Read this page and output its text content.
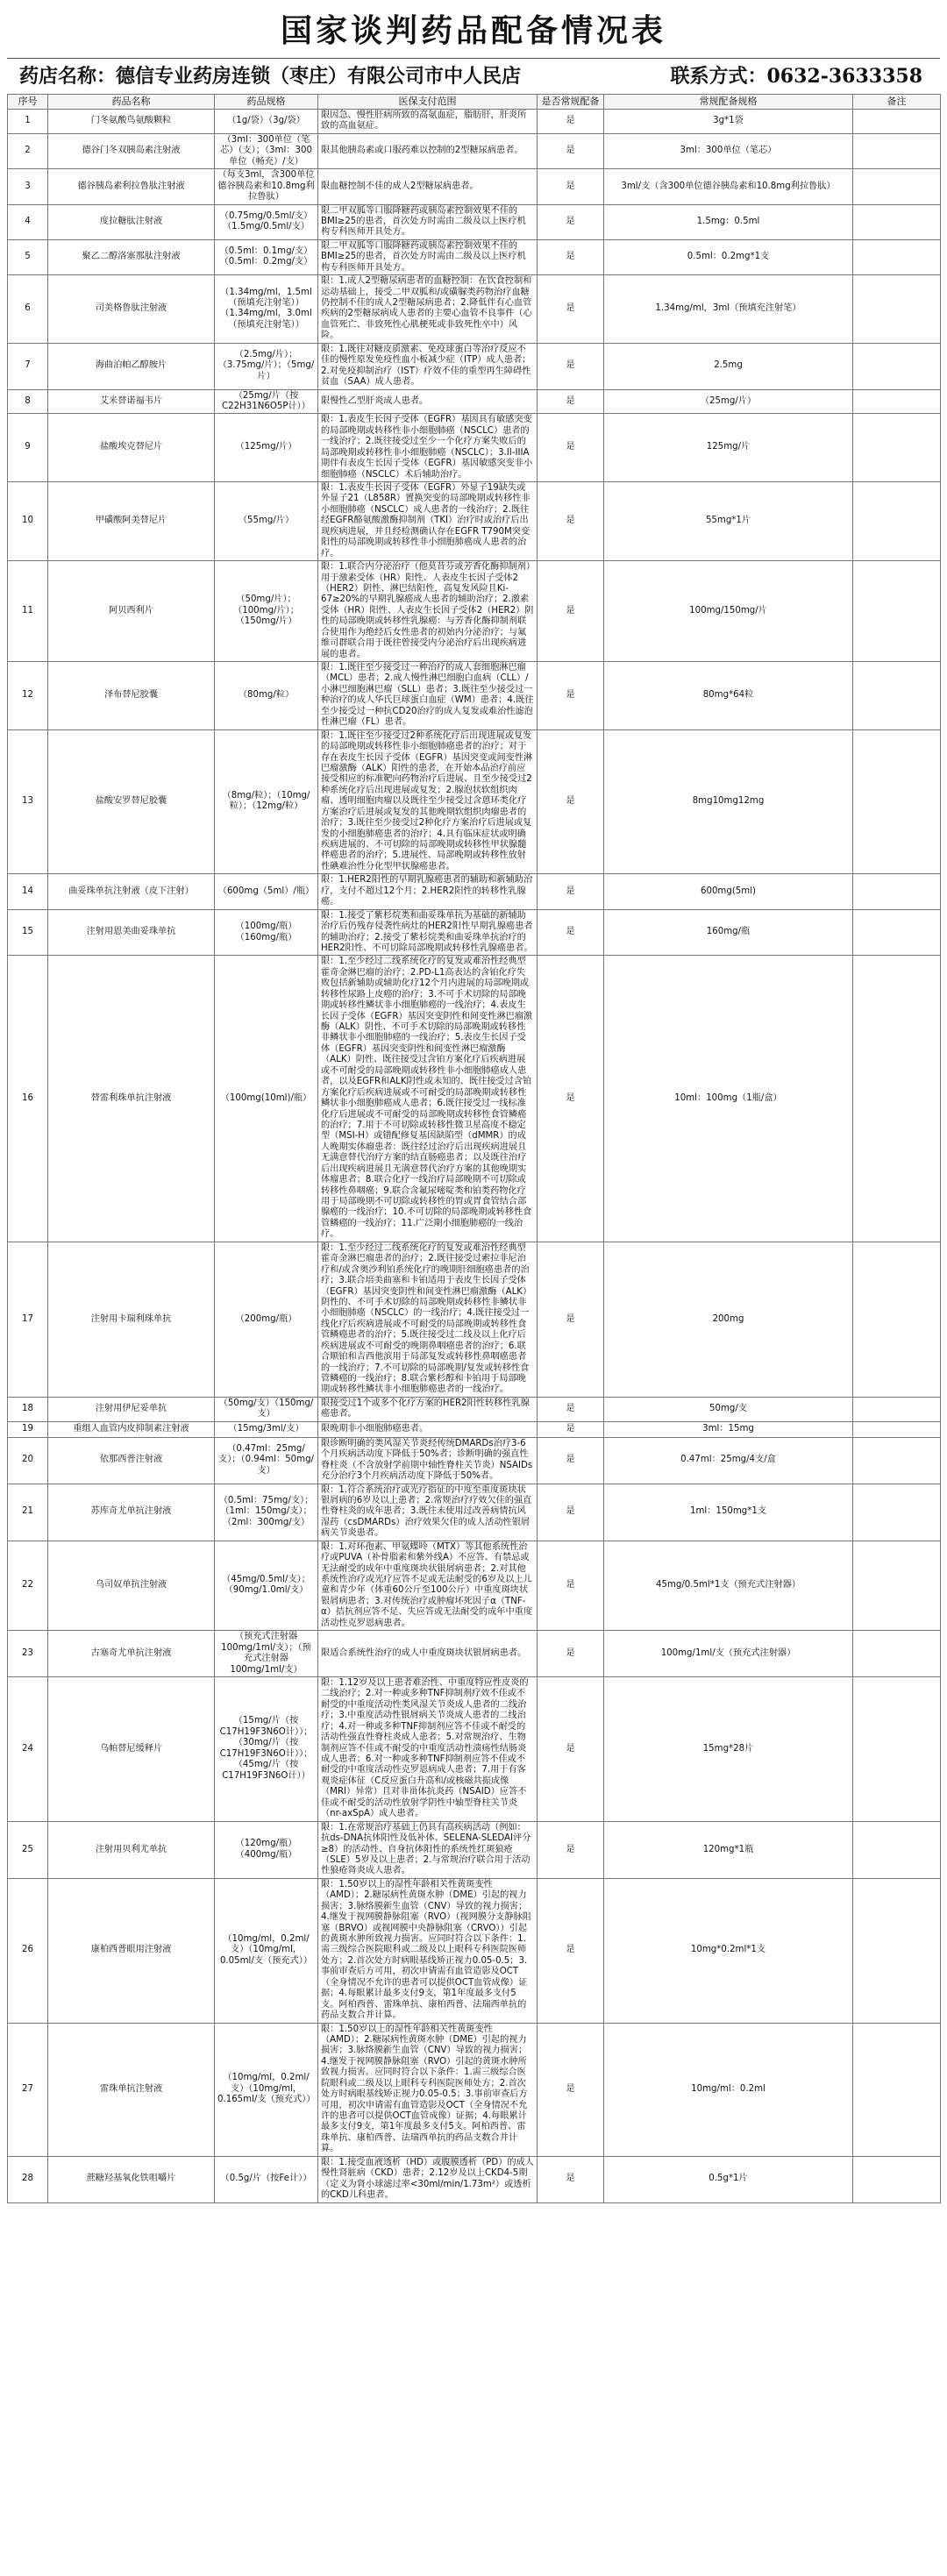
国家谈判药品配备情况表
药店名称：德信专业药房连锁（枣庄）有限公司市中人民店	联系方式：0632-3633358
序号	药品名称	药品规格	医保支付范围	是否常规配备	常规配备规格	备注
1	门冬氨酸鸟氨酸颗粒	（1g/袋）（3g/袋）	限因急、慢性肝病所致的高氨血症，脂肪肝，肝炎所致的高血氨症。	是	3g*1袋	
2	德谷门冬双胰岛素注射液	（3ml：300单位（笔芯）（支）；（3ml：300单位（畅充）/支）	限其他胰岛素或口服药难以控制的2型糖尿病患者。	是	3ml：300单位（笔芯）	
3	德谷胰岛素利拉鲁肽注射液	（每支3ml，含300单位德谷胰岛素和10.8mg利拉鲁肽）	限血糖控制不佳的成人2型糖尿病患者。	是	3ml/支（含300单位德谷胰岛素和10.8mg利拉鲁肽）	
4	度拉糖肽注射液	（0.75mg/0.5ml/支）（1.5mg/0.5ml/支）	限二甲双胍等口服降糖药或胰岛素控制效果不佳的BMI≥25的患者，首次处方时需由二级及以上医疗机构专科医师开具处方。	是	1.5mg：0.5ml	
5	聚乙二醇洛塞那肽注射液	（0.5ml：0.1mg/支）（0.5ml：0.2mg/支）	限二甲双胍等口服降糖药或胰岛素控制效果不佳的BMI≥25的患者，首次处方时需由二级及以上医疗机构专科医师开具处方。	是	0.5ml：0.2mg*1支	
6	司美格鲁肽注射液	（1.34mg/ml，1.5ml（预填充注射笔））（1.34mg/ml，3.0ml（预填充注射笔））	限：1.成人2型糖尿病患者的血糖控制：在饮食控制和运动基础上，接受二甲双胍和/或磺脲类药物治疗血糖仍控制不佳的成人2型糖尿病患者；2.降低伴有心血管疾病的2型糖尿病成人患者的主要心血管不良事件（心血管死亡、非致死性心肌梗死或非致死性卒中）风险。	是	1.34mg/ml，3ml（预填充注射笔）	
7	海曲泊帕乙醇胺片	（2.5mg/片）；（3.75mg/片）；（5mg/片）	限：1.既往对糖皮质激素、免疫球蛋白等治疗反应不佳的慢性原发免疫性血小板减少症（ITP）成人患者；2.对免疫抑制治疗（IST）疗效不佳的重型再生障碍性贫血（SAA）成人患者。	是	2.5mg	
8	艾米替诺福韦片	（25mg/片（按C22H31N6O5P计））	限慢性乙型肝炎成人患者。	是	（25mg/片）	
9	盐酸埃克替尼片	（125mg/片）	限：1.表皮生长因子受体（EGFR）基因具有敏感突变的局部晚期或转移性非小细胞肺癌（NSCLC）患者的一线治疗；2.既往接受过至少一个化疗方案失败后的局部晚期或转移性非小细胞肺癌（NSCLC）；3.II-IIIA期伴有表皮生长因子受体（EGFR）基因敏感突变非小细胞肺癌（NSCLC）术后辅助治疗。	是	125mg/片	
10	甲磺酸阿美替尼片	（55mg/片）	限：1.表皮生长因子受体（EGFR）外显子19缺失或外显子21（L858R）置换突变的局部晚期或转移性非小细胞肺癌（NSCLC）成人患者的一线治疗；2.既往经EGFR酪氨酸激酶抑制剂（TKI）治疗时或治疗后出现疾病进展，并且经检测确认存在EGFR T790M突变阳性的局部晚期或转移性非小细胞肺癌成人患者的治疗。	是	55mg*1片	
11	阿贝西利片	（50mg/片）；（100mg/片）；（150mg/片）	限：1.联合内分泌治疗（他莫昔芬或芳香化酶抑制剂）用于激素受体（HR）阳性、人表皮生长因子受体2（HER2）阴性、淋巴结阳性，高复发风险且Ki-67≥20%的早期乳腺癌成人患者的辅助治疗；2.激素受体（HR）阳性、人表皮生长因子受体2（HER2）阴性的局部晚期或转移性乳腺癌：与芳香化酶抑制剂联合使用作为绝经后女性患者的初始内分泌治疗；与氟维司群联合用于既往曾接受内分泌治疗后出现疾病进展的患者。	是	100mg/150mg/片	
12	泽布替尼胶囊	（80mg/粒）	限：1.既往至少接受过一种治疗的成人套细胞淋巴瘤（MCL）患者；2.成人慢性淋巴细胞白血病（CLL）/小淋巴细胞淋巴瘤（SLL）患者；3.既往至少接受过一种治疗的成人华氏巨球蛋白血症（WM）患者；4.既往至少接受过一种抗CD20治疗的成人复发或难治性滤泡性淋巴瘤（FL）患者。	是	80mg*64粒	
13	盐酸安罗替尼胶囊	（8mg/粒）；（10mg/粒）；（12mg/粒）	限：1.既往至少接受过2种系统化疗后出现进展或复发的局部晚期或转移性非小细胞肺癌患者的治疗；对于存在表皮生长因子受体（EGFR）基因突变或间变性淋巴瘤激酶（ALK）阳性的患者，在开始本品治疗前应接受相应的标准靶向药物治疗后进展、且至少接受过2种系统化疗后出现进展或复发；2.腺泡状软组织肉瘤、透明细胞肉瘤以及既往至少接受过含蒽环类化疗方案治疗后进展或复发的其他晚期软组织肉瘤患者的治疗；3.既往至少接受过2种化疗方案治疗后进展或复发的小细胞肺癌患者的治疗；4.具有临床症状或明确疾病进展的、不可切除的局部晚期或转移性甲状腺髓样癌患者的治疗；5.进展性、局部晚期或转移性放射性碘难治性分化型甲状腺癌患者。	是	8mg10mg12mg	
14	曲妥珠单抗注射液（皮下注射）	（600mg（5ml）/瓶）	限：1.HER2阳性的早期乳腺癌患者的辅助和新辅助治疗，支付不超过12个月；2.HER2阳性的转移性乳腺癌。	是	600mg(5ml)	
15	注射用恩美曲妥珠单抗	（100mg/瓶）（160mg/瓶）	限：1.接受了紫杉烷类和曲妥珠单抗为基础的新辅助治疗后仍残存侵袭性病灶的HER2阳性早期乳腺癌患者的辅助治疗；2.接受了紫杉烷类和曲妥珠单抗治疗的HER2阳性、不可切除局部晚期或转移性乳腺癌患者。	是	160mg/瓶	
16	替雷利珠单抗注射液	（100mg(10ml)/瓶）	限：1.至少经过二线系统化疗的复发或难治性经典型霍奇金淋巴瘤的治疗；2.PD-L1高表达的含铂化疗失败包括新辅助或辅助化疗12个月内进展的局部晚期或转移性尿路上皮癌的治疗；3.不可手术切除的局部晚期或转移性鳞状非小细胞肺癌的一线治疗；4.表皮生长因子受体（EGFR）基因突变阴性和间变性淋巴瘤激酶（ALK）阴性、不可手术切除的局部晚期或转移性非鳞状非小细胞肺癌的一线治疗；5.表皮生长因子受体（EGFR）基因突变阴性和间变性淋巴瘤激酶（ALK）阴性、既往接受过含铂方案化疗后疾病进展或不可耐受的局部晚期或转移性非小细胞肺癌成人患者，以及EGFR和ALK阴性或未知的、既往接受过含铂方案化疗后疾病进展或不可耐受的局部晚期或转移性鳞状非小细胞肺癌成人患者；6.既往接受过一线标准化疗后进展或不可耐受的局部晚期或转移性食管鳞癌的治疗；7.用于不可切除或转移性微卫星高度不稳定型（MSI-H）或错配修复基因缺陷型（dMMR）的成人晚期实体瘤患者：既往经过治疗后出现疾病进展且无满意替代治疗方案的结直肠癌患者；以及既往治疗后出现疾病进展且无满意替代治疗方案的其他晚期实体瘤患者；8.联合化疗一线治疗局部晚期不可切除或转移性鼻咽癌；9.联合含氟尿嘧啶类和铂类药物化疗用于局部晚期不可切除或转移性的胃或胃食管结合部腺癌的一线治疗；10.不可切除的局部晚期或转移性食管鳞癌的一线治疗；11.广泛期小细胞肺癌的一线治疗。	是	10ml：100mg（1瓶/盒）	
17	注射用卡瑞利珠单抗	（200mg/瓶）	限：1.至少经过二线系统化疗的复发或难治性经典型霍奇金淋巴瘤患者的治疗；2.既往接受过索拉非尼治疗和/或含奥沙利铂系统化疗的晚期肝细胞癌患者的治疗；3.联合培美曲塞和卡铂适用于表皮生长因子受体（EGFR）基因突变阴性和间变性淋巴瘤激酶（ALK）阴性的、不可手术切除的局部晚期或转移性非鳞状非小细胞肺癌（NSCLC）的一线治疗；4.既往接受过一线化疗后疾病进展或不可耐受的局部晚期或转移性食管鳞癌患者的治疗；5.既往接受过二线及以上化疗后疾病进展或不可耐受的晚期鼻咽癌患者的治疗；6.联合顺铂和吉西他滨用于局部复发或转移性鼻咽癌患者的一线治疗；7.不可切除的局部晚期/复发或转移性食管鳞癌的一线治疗；8.联合紫杉醇和卡铂用于局部晚期或转移性鳞状非小细胞肺癌患者的一线治疗。	是	200mg	
18	注射用伊尼妥单抗	（50mg/支）（150mg/支）	限接受过1个或多个化疗方案的HER2阳性转移性乳腺癌患者。	是	50mg/支	
19	重组人血管内皮抑制素注射液	（15mg/3ml/支）	限晚期非小细胞肺癌患者。	是	3ml：15mg	
20	依那西普注射液	（0.47ml：25mg/支）；（0.94ml：50mg/支）	限诊断明确的类风湿关节炎经传统DMARDs治疗3-6个月疾病活动度下降低于50%者；诊断明确的强直性脊柱炎（不含放射学前期中轴性脊柱关节炎）NSAIDs充分治疗3个月疾病活动度下降低于50%者。	是	0.47ml：25mg/4支/盒	
21	苏库奇尤单抗注射液	（0.5ml：75mg/支）；（1ml：150mg/支）；（2ml：300mg/支）	限：1.符合系统治疗或光疗指征的中度至重度斑块状银屑病的6岁及以上患者；2.常规治疗疗效欠佳的强直性脊柱炎的成年患者；3.既往未使用过改善病情抗风湿药（csDMARDs）治疗效果欠佳的成人活动性银屑病关节炎患者。	是	1ml：150mg*1支	
22	乌司奴单抗注射液	（45mg/0.5ml/支）；（90mg/1.0ml/支）	限：1.对环孢素、甲氨蝶呤（MTX）等其他系统性治疗或PUVA（补骨脂素和紫外线A）不应答、有禁忌或无法耐受的成年中重度斑块状银屑病患者；2.对其他系统性治疗或光疗应答不足或无法耐受的6岁及以上儿童和青少年（体重60公斤至100公斤）中重度斑块状银屑病患者；3.对传统治疗或肿瘤坏死因子α（TNF-α）拮抗剂应答不足、失应答或无法耐受的成年中重度活动性克罗恩病患者。	是	45mg/0.5ml*1支（预充式注射器）	
23	古塞奇尤单抗注射液	（预充式注射器100mg/1ml/支）；（预充式注射器100mg/1ml/支）	限适合系统性治疗的成人中重度斑块状银屑病患者。	是	100mg/1ml/支（预充式注射器）	
24	乌帕替尼缓释片	（15mg/片（按C17H19F3N6O计））；（30mg/片（按C17H19F3N6O计））；（45mg/片（按C17H19F3N6O计））	限：1.12岁及以上患者难治性、中重度特应性皮炎的二线治疗；2.对一种或多种TNF抑制剂疗效不佳或不耐受的中重度活动性类风湿关节炎成人患者的二线治疗；3.中重度活动性银屑病关节炎成人患者的二线治疗；4.对一种或多种TNF抑制剂应答不佳或不耐受的活动性强直性脊柱炎成人患者；5.对常规治疗、生物制剂应答不佳或不耐受的中重度活动性溃疡性结肠炎成人患者；6.对一种或多种TNF抑制剂应答不佳或不耐受的中重度活动性克罗恩病成人患者；7.用于有客观炎症体征（C反应蛋白升高和/或核磁共振成像（MRI）异常）且对非甾体抗炎药（NSAID）应答不佳或不耐受的活动性放射学阴性中轴型脊柱关节炎（nr-axSpA）成人患者。	是	15mg*28片	
25	注射用贝利尤单抗	（120mg/瓶）（400mg/瓶）	限：1.在常规治疗基础上仍具有高疾病活动（例如：抗ds-DNA抗体阳性及低补体、SELENA-SLEDAI评分≥8）的活动性、自身抗体阳性的系统性红斑狼疮（SLE）5岁及以上患者；2.与常规治疗联合用于活动性狼疮肾炎成人患者。	是	120mg*1瓶	
26	康柏西普眼用注射液	（10mg/ml，0.2ml/支）（10mg/ml，0.05ml/支（预充式））	限：1.50岁以上的湿性年龄相关性黄斑变性（AMD）；2.糖尿病性黄斑水肿（DME）引起的视力损害；3.脉络膜新生血管（CNV）导致的视力损害；4.继发于视网膜静脉阻塞（RVO）（视网膜分支静脉阻塞（BRVO）或视网膜中央静脉阻塞（CRVO））引起的黄斑水肿所致视力损害。应同时符合以下条件：1.需三级综合医院眼科或二级及以上眼科专科医院医师处方；2.首次处方时病眼基线矫正视力0.05-0.5；3.事前审查后方可用，初次申请需有血管造影及OCT（全身情况不允许的患者可以提供OCT血管成像）证据；4.每眼累计最多支付9支，第1年度最多支付5支。阿柏西普、雷珠单抗、康柏西普、法瑞西单抗的药品支数合并计算。	是	10mg*0.2ml*1支	
27	雷珠单抗注射液	（10mg/ml，0.2ml/支）（10mg/ml，0.165ml/支（预充式））	限：1.50岁以上的湿性年龄相关性黄斑变性（AMD）；2.糖尿病性黄斑水肿（DME）引起的视力损害；3.脉络膜新生血管（CNV）导致的视力损害；4.继发于视网膜静脉阻塞（RVO）引起的黄斑水肿所致视力损害。应同时符合以下条件：1.需三级综合医院眼科或二级及以上眼科专科医院医师处方；2.首次处方时病眼基线矫正视力0.05-0.5；3.事前审查后方可用，初次申请需有血管造影及OCT（全身情况不允许的患者可以提供OCT血管成像）证据；4.每眼累计最多支付9支，第1年度最多支付5支。阿柏西普、雷珠单抗、康柏西普、法瑞西单抗的药品支数合并计算。	是	10mg/ml：0.2ml	
28	蔗糖羟基氧化铁咀嚼片	（0.5g/片（按Fe计））	限：1.接受血液透析（HD）或腹膜透析（PD）的成人慢性肾脏病（CKD）患者；2.12岁及以上CKD4-5期（定义为肾小球滤过率<30ml/min/1.73m²）或透析的CKD儿科患者。	是	0.5g*1片	
